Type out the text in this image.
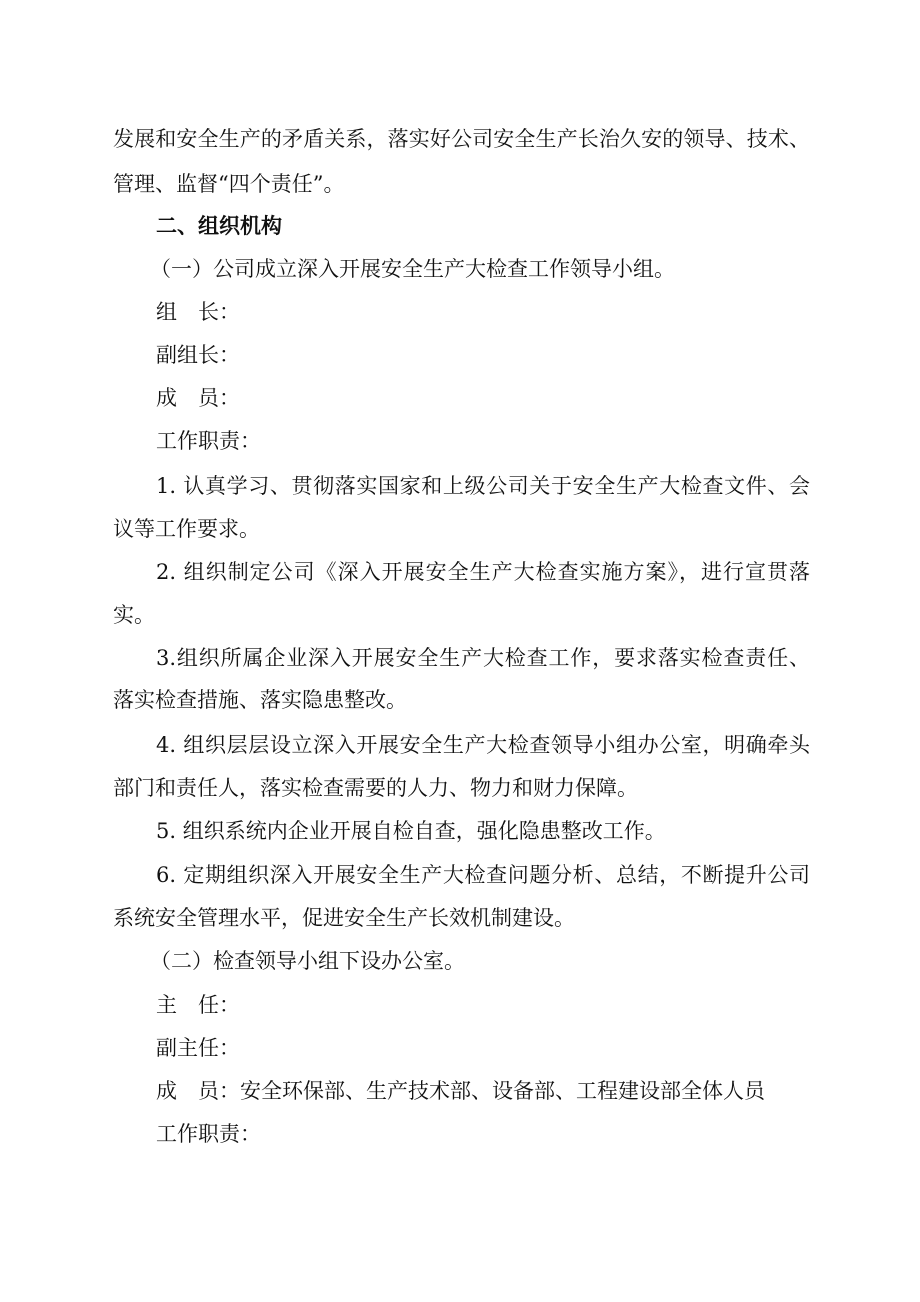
发展和安全生产的矛盾关系，落实好公司安全生产长治久安的领导、技术、
管理、监督“四个责任”。
二、组织机构
（一）公司成立深入开展安全生产大检查工作领导小组。
组　长：
副组长：
成　员：
工作职责：
1. 认真学习、贯彻落实国家和上级公司关于安全生产大检查文件、会
议等工作要求。
2. 组织制定公司《深入开展安全生产大检查实施方案》，进行宣贯落
实。
3.组织所属企业深入开展安全生产大检查工作，要求落实检查责任、
落实检查措施、落实隐患整改。
4. 组织层层设立深入开展安全生产大检查领导小组办公室，明确牵头
部门和责任人，落实检查需要的人力、物力和财力保障。
5. 组织系统内企业开展自检自查，强化隐患整改工作。
6. 定期组织深入开展安全生产大检查问题分析、总结，不断提升公司
系统安全管理水平，促进安全生产长效机制建设。
（二）检查领导小组下设办公室。
主　任：
副主任：
成　员：安全环保部、生产技术部、设备部、工程建设部全体人员
工作职责：
